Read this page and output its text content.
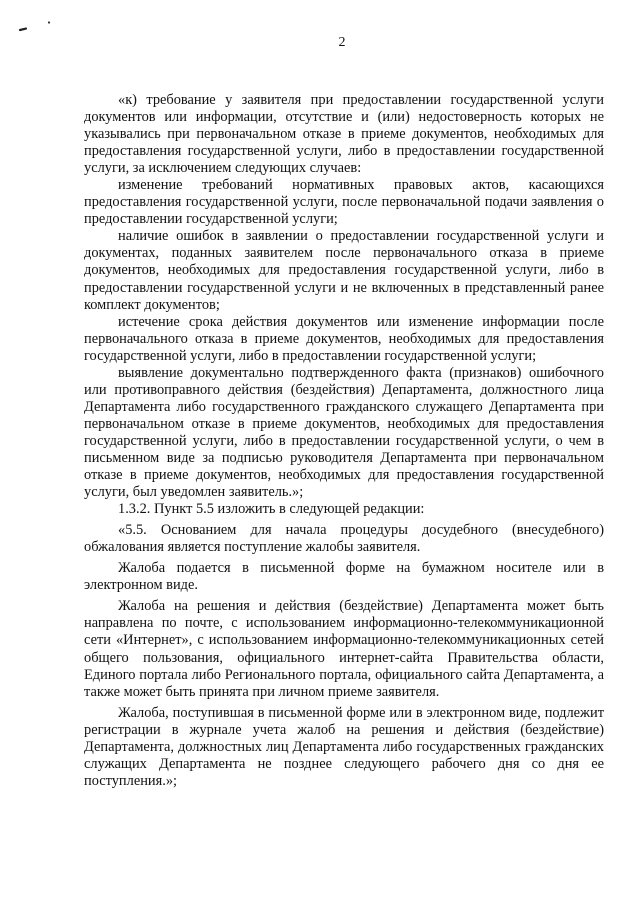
2

«к) требование у заявителя при предоставлении государственной услуги документов или информации, отсутствие и (или) недостоверность которых не указывались при первоначальном отказе в приеме документов, необходимых для предоставления государственной услуги, либо в предоставлении государственной услуги, за исключением следующих случаев:

изменение требований нормативных правовых актов, касающихся предоставления государственной услуги, после первоначальной подачи заявления о предоставлении государственной услуги;

наличие ошибок в заявлении о предоставлении государственной услуги и документах, поданных заявителем после первоначального отказа в приеме документов, необходимых для предоставления государственной услуги, либо в предоставлении государственной услуги и не включенных в представленный ранее комплект документов;

истечение срока действия документов или изменение информации после первоначального отказа в приеме документов, необходимых для предоставления государственной услуги, либо в предоставлении государственной услуги;

выявление документально подтвержденного факта (признаков) ошибочного или противоправного действия (бездействия) Департамента, должностного лица Департамента либо государственного гражданского служащего Департамента при первоначальном отказе в приеме документов, необходимых для предоставления государственной услуги, либо в предоставлении государственной услуги, о чем в письменном виде за подписью руководителя Департамента при первоначальном отказе в приеме документов, необходимых для предоставления государственной услуги, был уведомлен заявитель.»;

1.3.2. Пункт 5.5 изложить в следующей редакции:

«5.5. Основанием для начала процедуры досудебного (внесудебного) обжалования является поступление жалобы заявителя.

Жалоба подается в письменной форме на бумажном носителе или в электронном виде.

Жалоба на решения и действия (бездействие) Департамента может быть направлена по почте, с использованием информационно-телекоммуникационной сети «Интернет», с использованием информационно-телекоммуникационных сетей общего пользования, официального интернет-сайта Правительства области, Единого портала либо Регионального портала, официального сайта Департамента, а также может быть принята при личном приеме заявителя.

Жалоба, поступившая в письменной форме или в электронном виде, подлежит регистрации в журнале учета жалоб на решения и действия (бездействие) Департамента, должностных лиц Департамента либо государственных гражданских служащих Департамента не позднее следующего рабочего дня со дня ее поступления.»;
